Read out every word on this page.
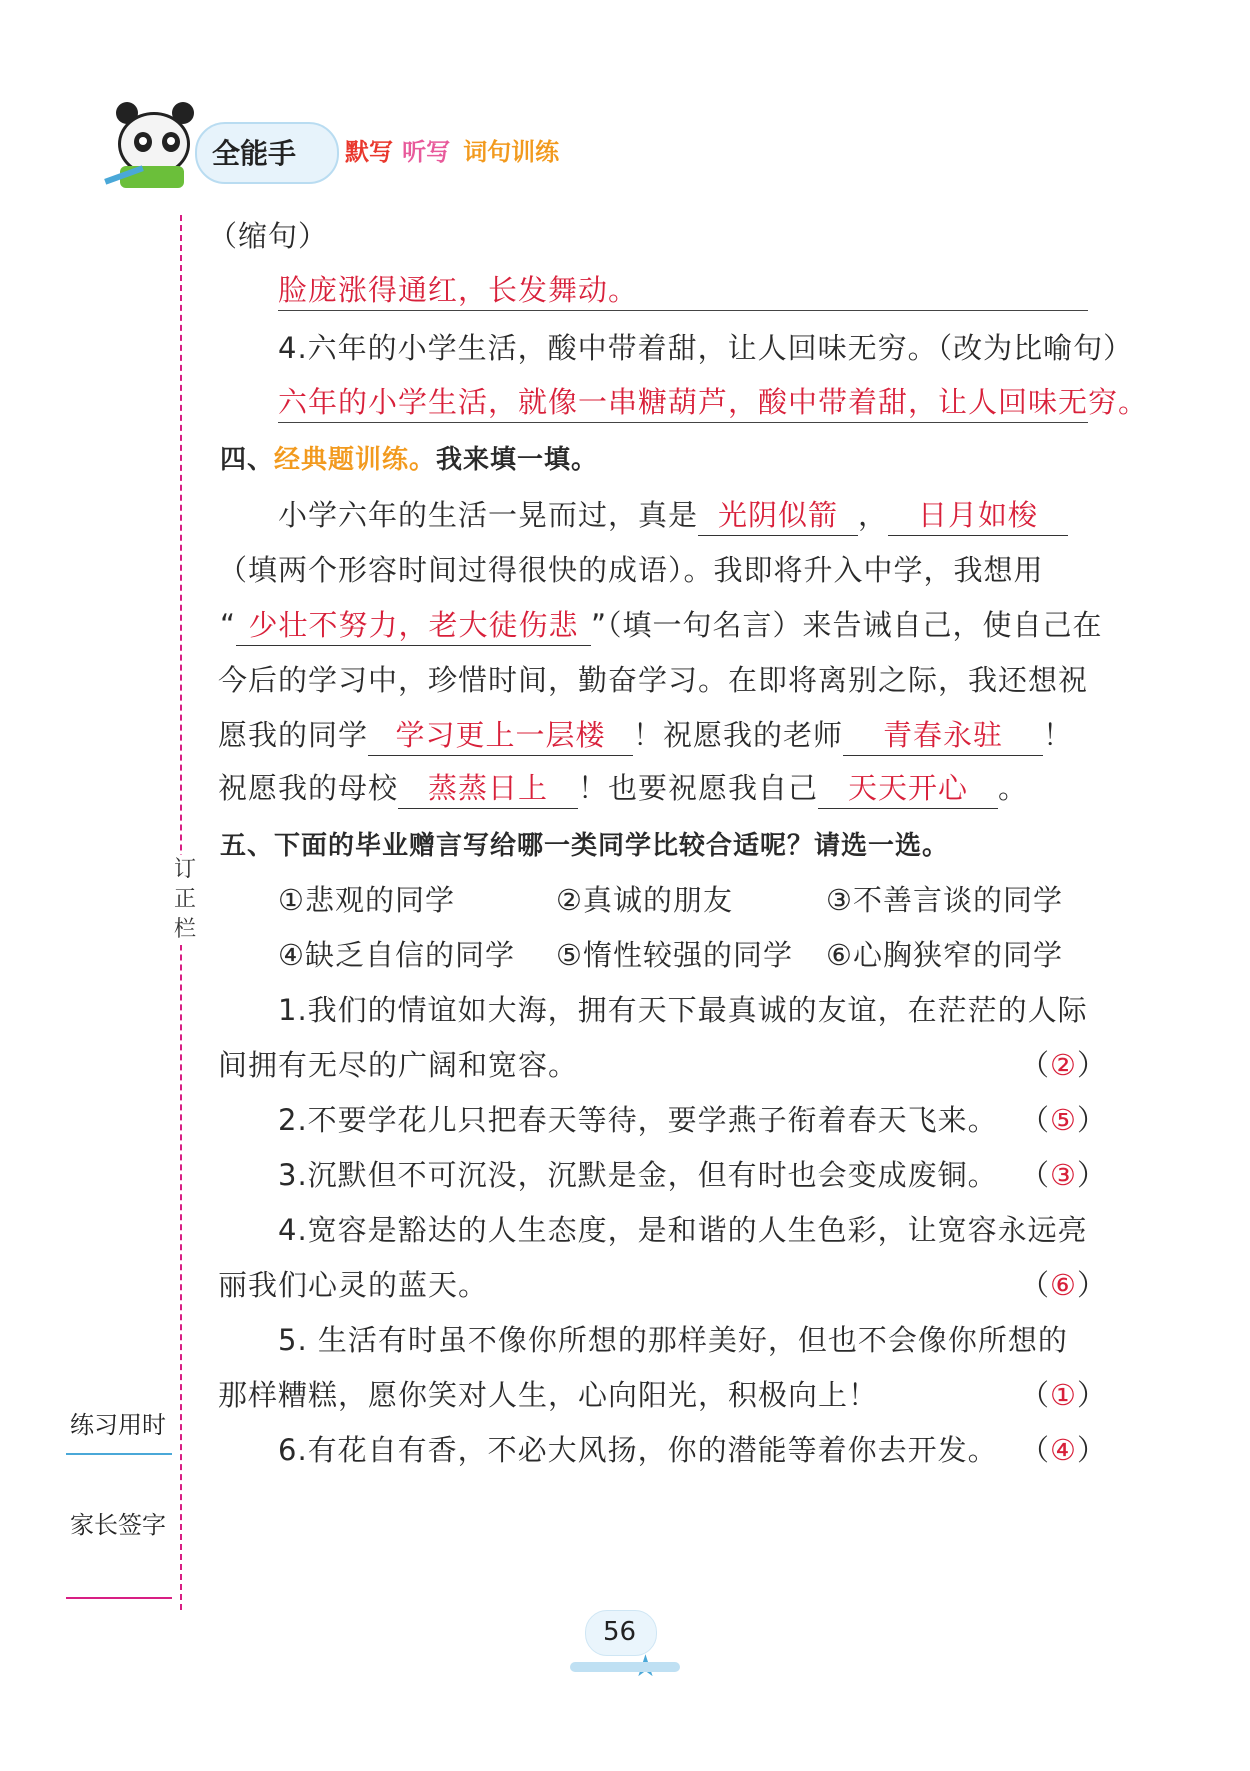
全能手 默写 听写 词句训练
订
正
栏
练习用时
家长签字
（缩句）
脸庞涨得通红，长发舞动。
4.六年的小学生活，酸中带着甜，让人回味无穷。（改为比喻句）
六年的小学生活，就像一串糖葫芦，酸中带着甜，让人回味无穷。
四、经典题训练。我来填一填。
小学六年的生活一晃而过，真是 光阴似箭 ， 日月如梭
（填两个形容时间过得很快的成语）。我即将升入中学，我想用
“ 少壮不努力，老大徒伤悲 ”（填一句名言）来告诫自己，使自己在
今后的学习中，珍惜时间，勤奋学习。在即将离别之际，我还想祝
愿我的同学 学习更上一层楼 ！祝愿我的老师 青春永驻 ！
祝愿我的母校 蒸蒸日上 ！也要祝愿我自己 天天开心 。
五、下面的毕业赠言写给哪一类同学比较合适呢？请选一选。
①悲观的同学	②真诚的朋友	③不善言谈的同学
④缺乏自信的同学 ⑤惰性较强的同学 ⑥心胸狭窄的同学
1.我们的情谊如大海，拥有天下最真诚的友谊，在茫茫的人际
间拥有无尽的广阔和宽容。	（②）
2.不要学花儿只把春天等待，要学燕子衔着春天飞来。 （⑤）
3.沉默但不可沉没，沉默是金，但有时也会变成废铜。 （③）
4.宽容是豁达的人生态度，是和谐的人生色彩，让宽容永远亮
丽我们心灵的蓝天。	（⑥）
5. 生活有时虽不像你所想的那样美好，但也不会像你所想的
那样糟糕，愿你笑对人生，心向阳光，积极向上！	（①）
6.有花自有香，不必大风扬，你的潜能等着你去开发。 （④）
56
